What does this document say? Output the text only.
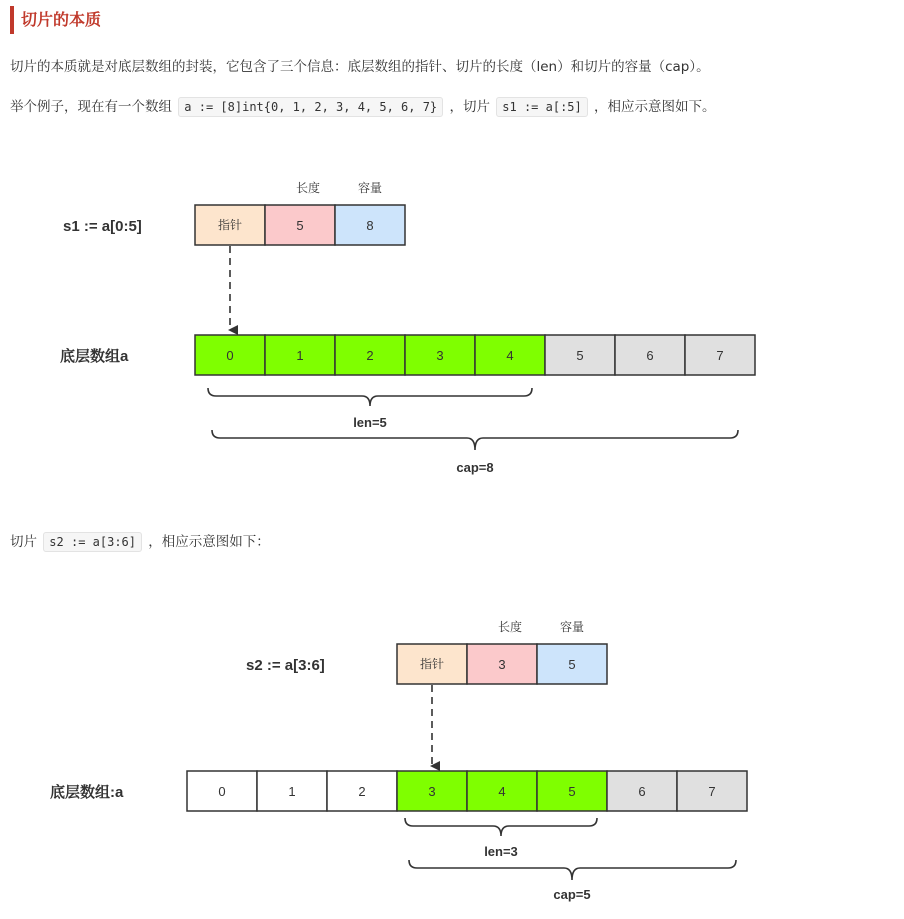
切片的本质
切片的本质就是对底层数组的封装，它包含了三个信息：底层数组的指针、切片的长度（len）和切片的容量（cap）。
举个例子，现在有一个数组 a := [8]int{0, 1, 2, 3, 4, 5, 6, 7} ，切片 s1 := a[:5] ，相应示意图如下。
切片 s2 := a[3:6] ，相应示意图如下：
s1 := a[0:5]
长度	容量
指针	5	8
底层数组a	0	1	2	3	4	5	6	7
len=5
cap=8
s2 := a[3:6]
长度	容量
指针	3	5
底层数组:a	0	1	2	3	4	5	6	7
len=3
cap=5
